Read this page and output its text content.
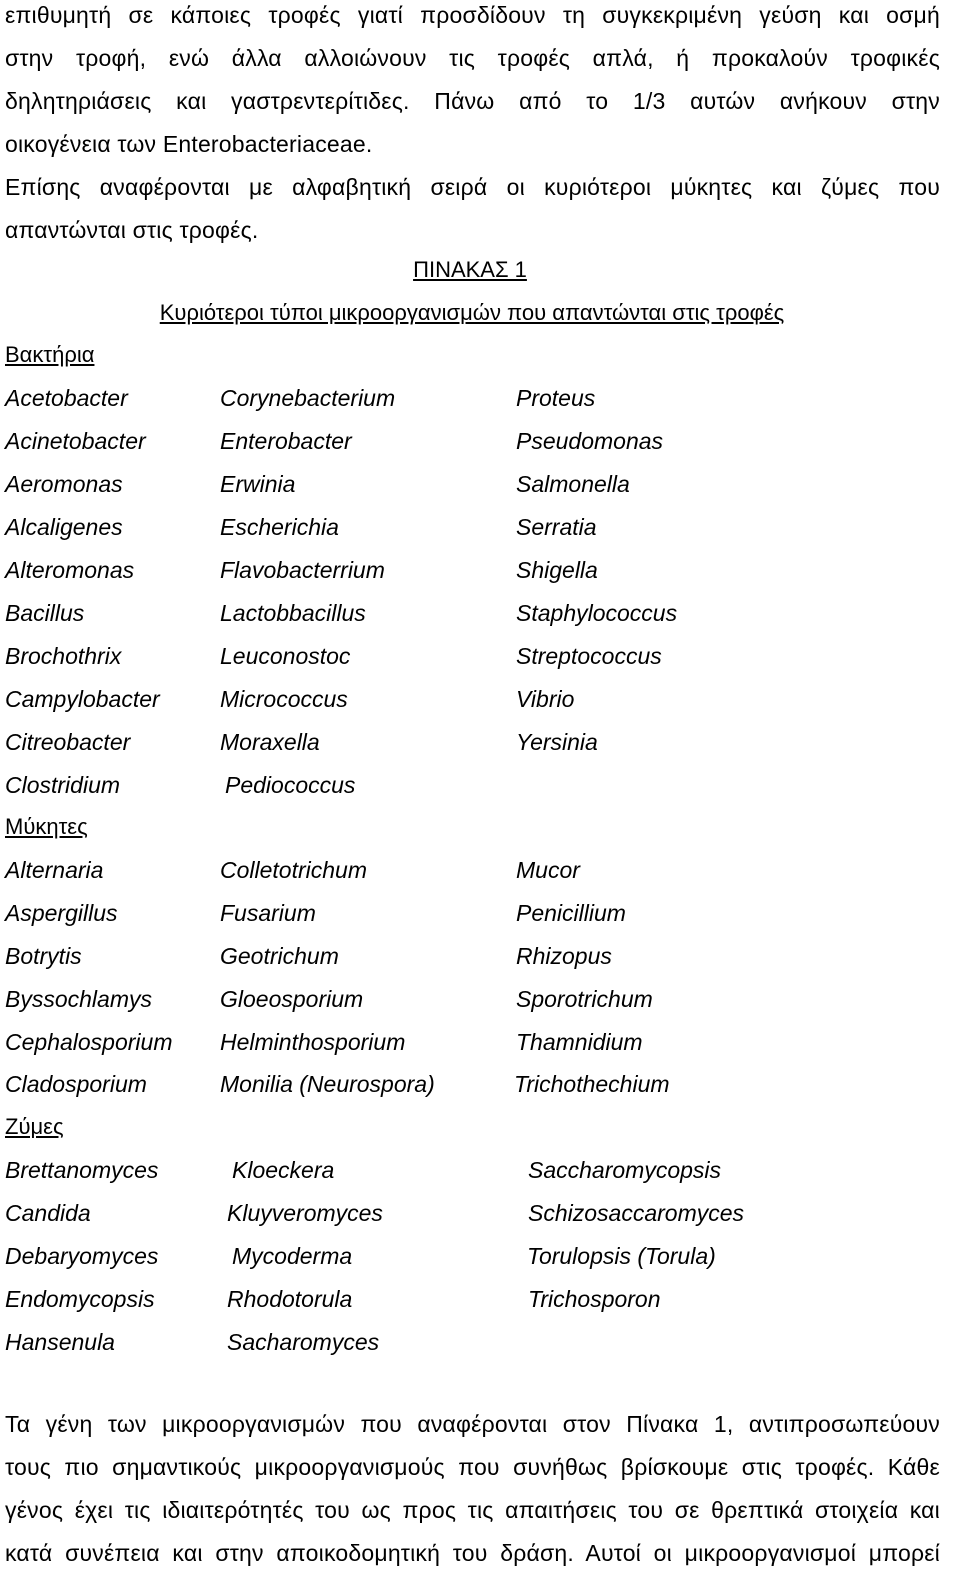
επιθυμητή σε κάποιες τροφές γιατί προσδίδουν τη συγκεκριμένη γεύση και οσμή
στην τροφή, ενώ άλλα αλλοιώνουν τις τροφές απλά, ή προκαλούν τροφικές
δηλητηριάσεις και γαστρεντερίτιδες. Πάνω από το 1/3 αυτών ανήκουν στην
οικογένεια των Enterobacteriaceae.
Επίσης αναφέρονται με αλφαβητική σειρά οι κυριότεροι μύκητες και ζύμες που
απαντώνται στις τροφές.
ΠΙΝΑΚΑΣ 1
Κυριότεροι τύποι μικροοργανισμών που απαντώνται στις τροφές
Βακτήρια
Acetobacter	Corynebacterium	Proteus
Acinetobacter	Enterobacter	Pseudomonas
Aeromonas	Erwinia	Salmonella
Alcaligenes	Escherichia	Serratia
Alteromonas	Flavobacterrium	Shigella
Bacillus	Lactobbacillus	Staphylococcus
Brochothrix	Leuconostoc	Streptococcus
Campylobacter	Micrococcus	Vibrio
Citreobacter	Moraxella	Yersinia
Clostridium	Pediococcus
Μύκητες
Alternaria	Colletotrichum	Mucor
Aspergillus	Fusarium	Penicillium
Botrytis	Geotrichum	Rhizopus
Byssochlamys	Gloeosporium	Sporotrichum
Cephalosporium Helminthosporium	Thamnidium
Cladosporium	Monilia (Neurospora)	Trichothechium
Ζύμες
Brettanomyces	Kloeckera	Saccharomycopsis
Candida	Kluyveromyces	Schizosaccaromyces
Debaryomyces	Mycoderma	Torulopsis (Torula)
Endomycopsis	Rhodotorula	Trichosporon
Hansenula	Sacharomyces
Τα γένη των μικροοργανισμών που αναφέρονται στον Πίνακα 1, αντιπροσωπεύουν
τους πιο σημαντικούς μικροοργανισμούς που συνήθως βρίσκουμε στις τροφές. Κάθε
γένος έχει τις ιδιαιτερότητές του ως προς τις απαιτήσεις του σε θρεπτικά στοιχεία και
κατά συνέπεια και στην αποικοδομητική του δράση. Αυτοί οι μικροοργανισμοί μπορεί
